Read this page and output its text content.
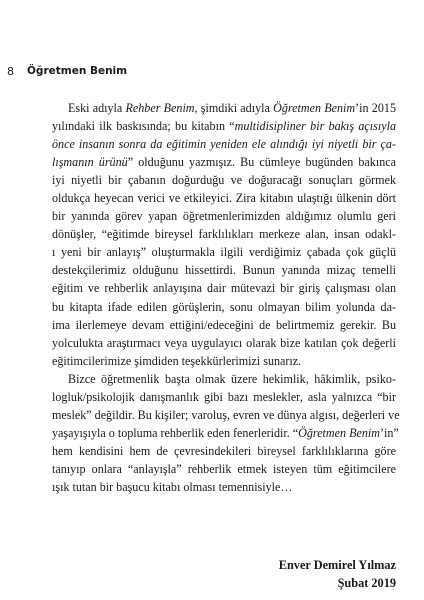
8	Öğretmen Benim
Eski adıyla Rehber Benim, şimdiki adıyla Öğretmen Benim’in 2015
yılındaki ilk baskısında; bu kitabın “multidisipliner bir bakış açısıyla
önce insanın sonra da eğitimin yeniden ele alındığı iyi niyetli bir ça-
lışmanın ürünü” olduğunu yazmışız. Bu cümleye bugünden bakınca
iyi niyetli bir çabanın doğurduğu ve doğuracağı sonuçları görmek
oldukça heyecan verici ve etkileyici. Zira kitabın ulaştığı ülkenin dört
bir yanında görev yapan öğretmenlerimizden aldığımız olumlu geri
dönüşler, “eğitimde bireysel farklılıkları merkeze alan, insan odakl-
ı yeni bir anlayış” oluşturmakla ilgili verdiğimiz çabada çok güçlü
destekçilerimiz olduğunu hissettirdi. Bunun yanında mizaç temelli
eğitim ve rehberlik anlayışına dair mütevazi bir giriş çalışması olan
bu kitapta ifade edilen görüşlerin, sonu olmayan bilim yolunda da-
ima ilerlemeye devam ettiğini/edeceğini de belirtmemiz gerekir. Bu
yolculukta araştırmacı veya uygulayıcı olarak bize katılan çok değerli
eğitimcilerimize şimdiden teşekkürlerimizi sunarız.
Bizce öğretmenlik başta olmak üzere hekimlik, hâkimlik, psiko-
logluk/psikolojik danışmanlık gibi bazı meslekler, asla yalnızca “bir
meslek” değildir. Bu kişiler; varoluş, evren ve dünya algısı, değerleri ve
yaşayışıyla o topluma rehberlik eden fenerleridir. “Öğretmen Benim’in”
hem kendisini hem de çevresindekileri bireysel farklılıklarına göre
tanıyıp onlara “anlayışla” rehberlik etmek isteyen tüm eğitimcilere
ışık tutan bir başucu kitabı olması temennisiyle…
Enver Demirel Yılmaz
Şubat 2019
